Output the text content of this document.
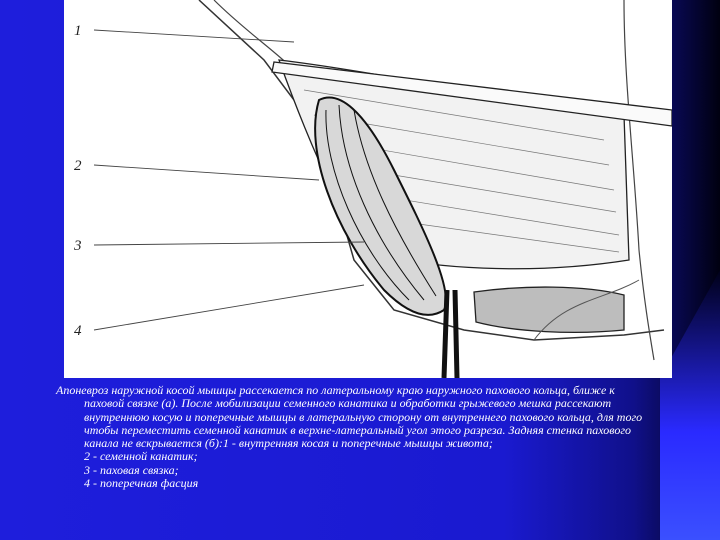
1
2
3
4

Апоневроз наружной косой мышцы рассекается по латеральному краю наружного пахового кольца, ближе к паховой связке (а). После мобилизации семенного канатика и обработки грыжевого мешка рассекают внутреннюю косую и поперечные мышцы в латеральную сторону от внутреннего пахового кольца, для того чтобы переместить семенной канатик в верхне-латеральный угол этого разреза. Задняя стенка пахового канала не вскрывается (б):1 - внутренняя косая и поперечные мышцы живота;

2 - семенной канатик;
3 - паховая связка;
4 - поперечная фасция
